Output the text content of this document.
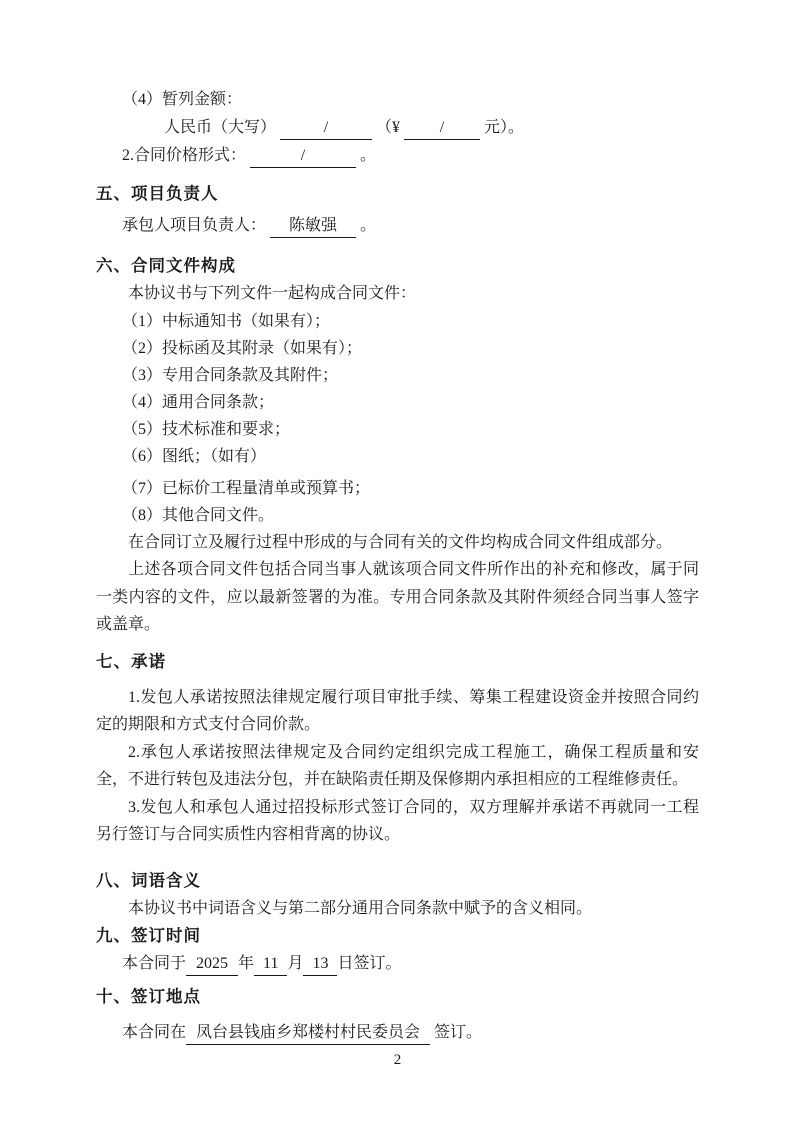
（4）暂列金额：
人民币（大写）	/	（¥ / 元）。
2.合同价格形式：	/	。
五、项目负责人
承包人项目负责人： 陈敏强 。
六、合同文件构成
本协议书与下列文件一起构成合同文件：
（1）中标通知书（如果有）；
（2）投标函及其附录（如果有）；
（3）专用合同条款及其附件；
（4）通用合同条款；
（5）技术标准和要求；
（6）图纸；（如有）
（7）已标价工程量清单或预算书；
（8）其他合同文件。
在合同订立及履行过程中形成的与合同有关的文件均构成合同文件组成部分。
上述各项合同文件包括合同当事人就该项合同文件所作出的补充和修改，属于同一类内容的文件，应以最新签署的为准。专用合同条款及其附件须经合同当事人签字或盖章。
七、承诺
1.发包人承诺按照法律规定履行项目审批手续、筹集工程建设资金并按照合同约定的期限和方式支付合同价款。
2.承包人承诺按照法律规定及合同约定组织完成工程施工，确保工程质量和安全，不进行转包及违法分包，并在缺陷责任期及保修期内承担相应的工程维修责任。
3.发包人和承包人通过招投标形式签订合同的，双方理解并承诺不再就同一工程另行签订与合同实质性内容相背离的协议。
八、词语含义
本协议书中词语含义与第二部分通用合同条款中赋予的含义相同。
九、签订时间
本合同于 2025 年 11 月 13 日签订。
十、签订地点
本合同在 凤台县钱庙乡郑楼村村民委员会 签订。
2
